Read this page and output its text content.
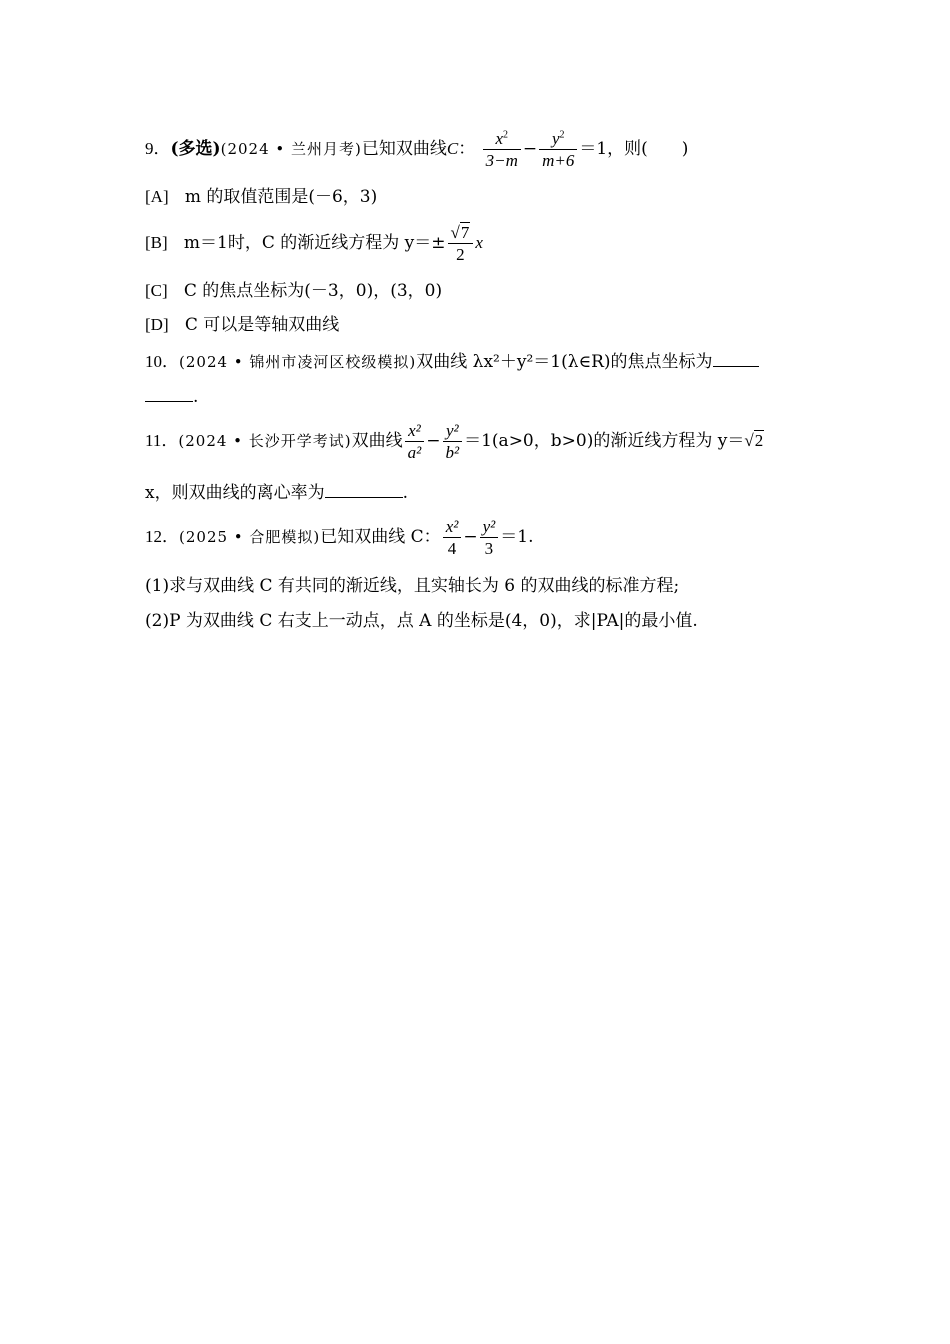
9．(多选)(2024 • 兰州月考)已知双曲线C： $\frac{x^2}{3-m} - \frac{y^2}{m+6} =1$，则(　　)
[A] m 的取值范围是(－6，3)
[B] m＝1时，C 的渐近线方程为 $y=\pm \frac{√7}{2}$ x
[C] C 的焦点坐标为(－3，0)，(3，0)
[D] C 可以是等轴双曲线
10．(2024 • 锦州市凌河区校级模拟)双曲线 λx²＋y²＝1(λ∈R)的焦点坐标为
.
11．(2024 • 长沙开学考试)双曲线 $\frac{\text{x²}}{\text{a²}} - \frac{\text{y²}}{\text{b²}} =1(a>0$，b>0)的渐近线方程为 y＝√2
x，则双曲线的离心率为	.
12．(2025 • 合肥模拟)已知双曲线 C： $\frac{\text{x²}}{4} - \frac{\text{y²}}{3} =1$.
(1)求与双曲线 C 有共同的渐近线，且实轴长为 6 的双曲线的标准方程;
(2)P 为双曲线 C 右支上一动点，点 A 的坐标是(4，0)，求|PA|的最小值.
